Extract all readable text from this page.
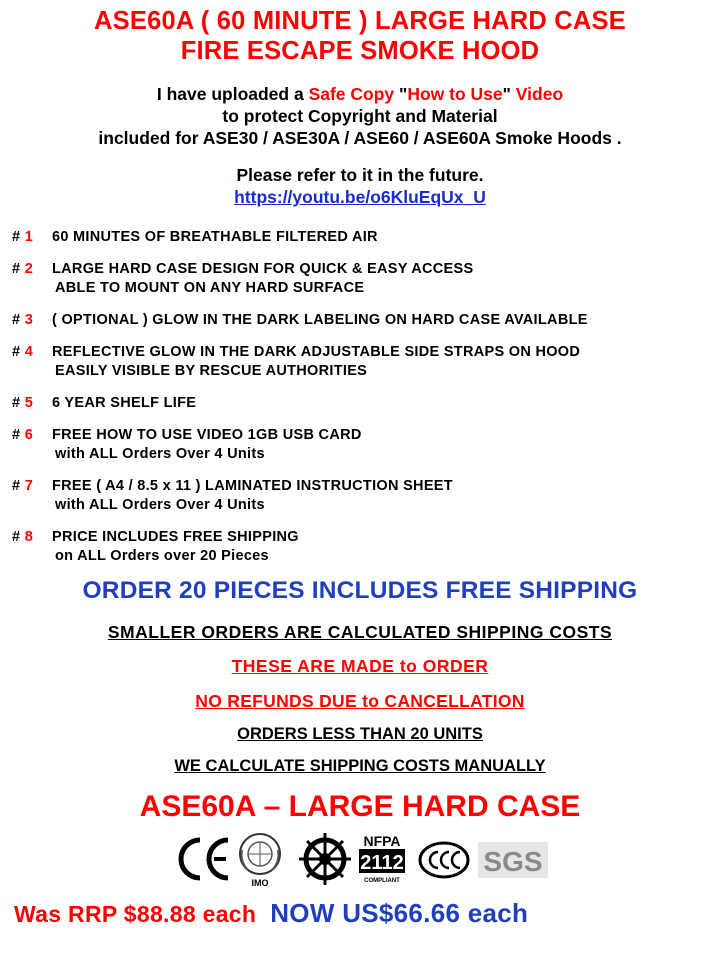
ASE60A ( 60 MINUTE ) LARGE HARD CASE
FIRE ESCAPE SMOKE HOOD
I have uploaded a Safe Copy "How to Use" Video
to protect Copyright and Material
included for ASE30 / ASE30A / ASE60 / ASE60A Smoke Hoods .
Please refer to it in the future.
https://youtu.be/o6KluEqUx_U
# 1 60 MINUTES OF BREATHABLE FILTERED AIR
# 2 LARGE HARD CASE DESIGN FOR QUICK & EASY ACCESS
ABLE TO MOUNT ON ANY HARD SURFACE
# 3 ( OPTIONAL ) GLOW IN THE DARK LABELING ON HARD CASE AVAILABLE
# 4 REFLECTIVE GLOW IN THE DARK ADJUSTABLE SIDE STRAPS ON HOOD
EASILY VISIBLE BY RESCUE AUTHORITIES
# 5 6 YEAR SHELF LIFE
# 6 FREE HOW TO USE VIDEO 1GB USB CARD
with ALL Orders Over 4 Units
# 7 FREE ( A4 / 8.5 x 11 ) LAMINATED INSTRUCTION SHEET
with ALL Orders Over 4 Units
# 8 PRICE INCLUDES FREE SHIPPING
on ALL Orders over 20 Pieces
ORDER 20 PIECES INCLUDES FREE SHIPPING
SMALLER ORDERS ARE CALCULATED SHIPPING COSTS
THESE ARE MADE to ORDER
NO REFUNDS DUE to CANCELLATION
ORDERS LESS THAN 20 UNITS
WE CALCULATE SHIPPING COSTS MANUALLY
ASE60A – LARGE HARD CASE
IMO
NFPA
2112
COMPLIANT
SGS
Was RRP $88.88 each NOW US$66.66 each
